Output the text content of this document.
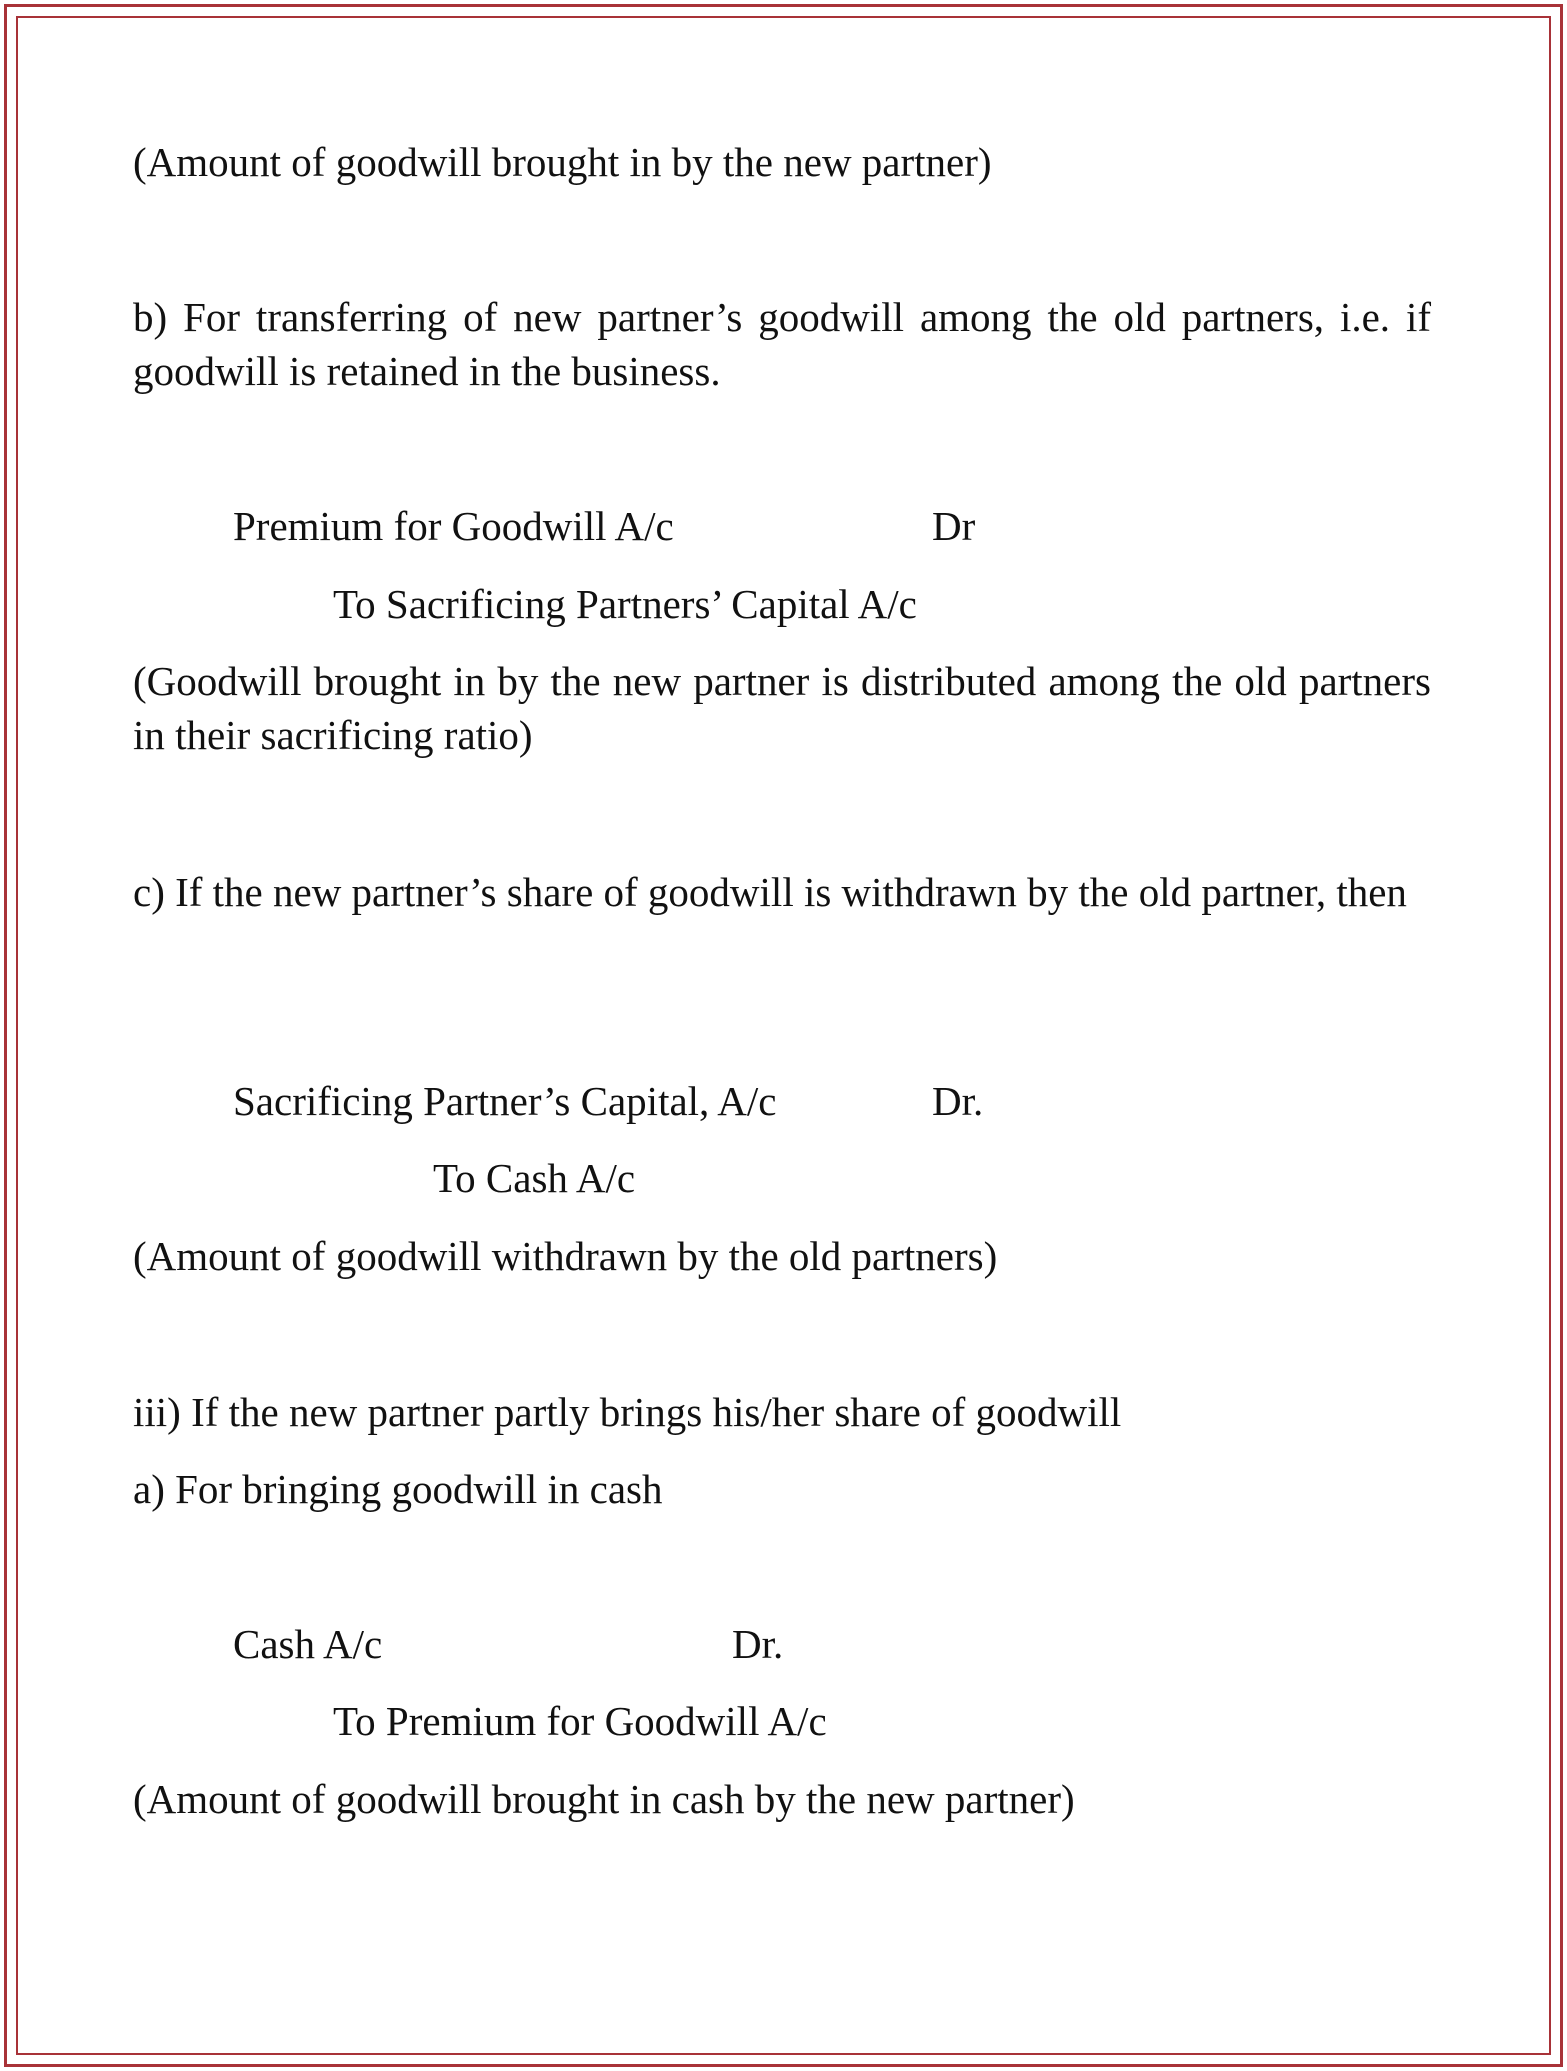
(Amount of goodwill brought in by the new partner)
b) For transferring of new partner’s goodwill among the old partners, i.e. if goodwill is retained in the business.
Premium for Goodwill A/c	Dr
To Sacrificing Partners’ Capital A/c
(Goodwill brought in by the new partner is distributed among the old partners in their sacrificing ratio)
c) If the new partner’s share of goodwill is withdrawn by the old partner, then
Sacrificing Partner’s Capital, A/c	Dr.
To Cash A/c
(Amount of goodwill withdrawn by the old partners)
iii) If the new partner partly brings his/her share of goodwill
a) For bringing goodwill in cash
Cash A/c	Dr.
To Premium for Goodwill A/c
(Amount of goodwill brought in cash by the new partner)
